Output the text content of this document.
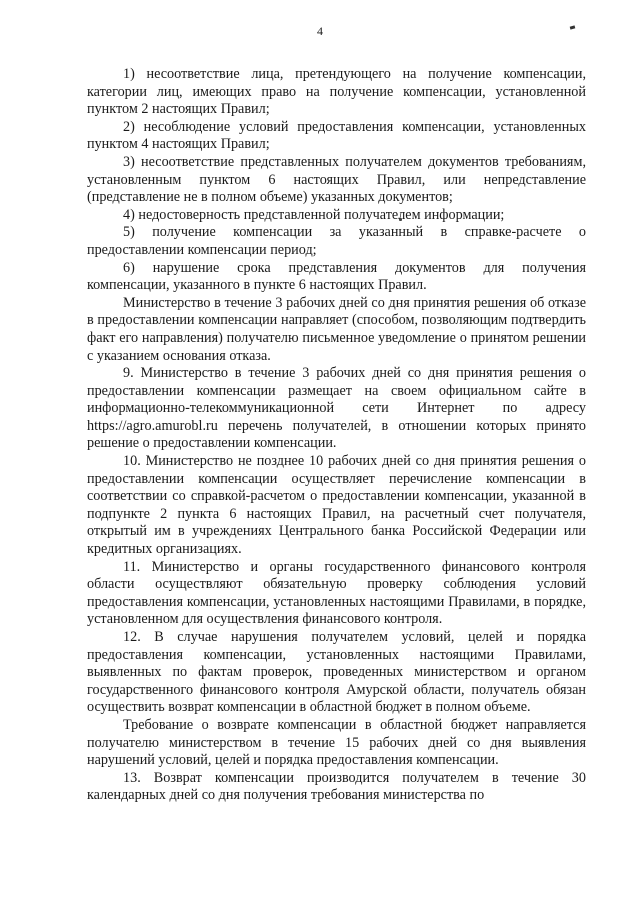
4

1) несоответствие лица, претендующего на получение компенсации, категории лиц, имеющих право на получение компенсации, установленной пунктом 2 настоящих Правил;

2) несоблюдение условий предоставления компенсации, установленных пунктом 4 настоящих Правил;

3) несоответствие представленных получателем документов требованиям, установленным пунктом 6 настоящих Правил, или непредставление (представление не в полном объеме) указанных документов;

4) недостоверность представленной получателем информации;

5) получение компенсации за указанный в справке-расчете о предоставлении компенсации период;

6) нарушение срока представления документов для получения компенсации, указанного в пункте 6 настоящих Правил.

Министерство в течение 3 рабочих дней со дня принятия решения об отказе в предоставлении компенсации направляет (способом, позволяющим подтвердить факт его направления) получателю письменное уведомление о принятом решении с указанием основания отказа.

9. Министерство в течение 3 рабочих дней со дня принятия решения о предоставлении компенсации размещает на своем официальном сайте в информационно-телекоммуникационной сети Интернет по адресу https://agro.amurobl.ru перечень получателей, в отношении которых принято решение о предоставлении компенсации.

10. Министерство не позднее 10 рабочих дней со дня принятия решения о предоставлении компенсации осуществляет перечисление компенсации в соответствии со справкой-расчетом о предоставлении компенсации, указанной в подпункте 2 пункта 6 настоящих Правил, на расчетный счет получателя, открытый им в учреждениях Центрального банка Российской Федерации или кредитных организациях.

11. Министерство и органы государственного финансового контроля области осуществляют обязательную проверку соблюдения условий предоставления компенсации, установленных настоящими Правилами, в порядке, установленном для осуществления финансового контроля.

12. В случае нарушения получателем условий, целей и порядка предоставления компенсации, установленных настоящими Правилами, выявленных по фактам проверок, проведенных министерством и органом государственного финансового контроля Амурской области, получатель обязан осуществить возврат компенсации в областной бюджет в полном объеме.

Требование о возврате компенсации в областной бюджет направляется получателю министерством в течение 15 рабочих дней со дня выявления нарушений условий, целей и порядка предоставления компенсации.

13. Возврат компенсации производится получателем в течение 30 календарных дней со дня получения требования министерства по
